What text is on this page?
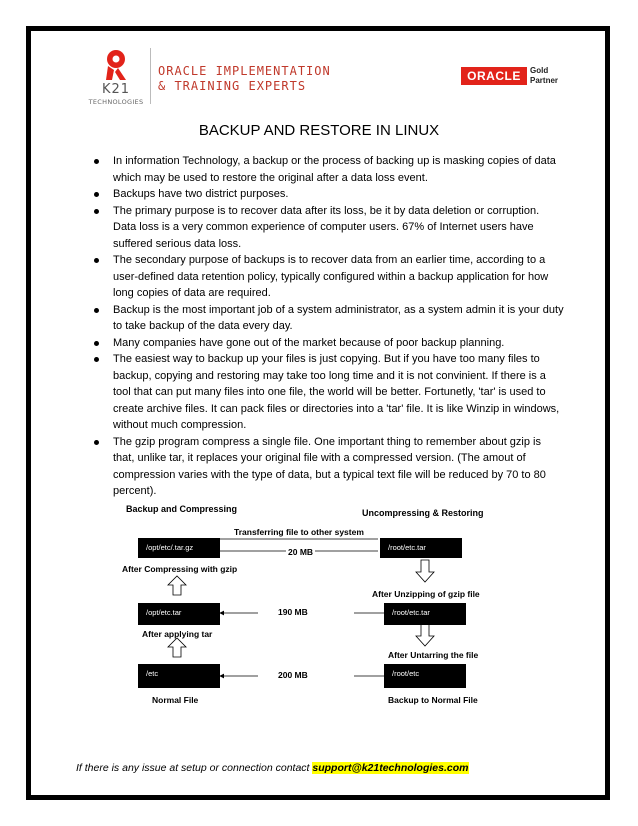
K21
TECHNOLOGIES
ORACLE IMPLEMENTATION
& TRAINING EXPERTS
ORACLE	Gold
Partner
BACKUP AND RESTORE IN LINUX
In information Technology, a backup or the process of backing up is masking copies of data which may be used to restore the original after a data loss event.
Backups have two district purposes.
The primary purpose is to recover data after its loss, be it by data deletion or corruption. Data loss is a very common experience of computer users. 67% of Internet users have suffered serious data loss.
The secondary purpose of backups is to recover data from an earlier time, according to a user-defined data retention policy, typically configured within a backup application for how long copies of data are required.
Backup is the most important job of a system administrator, as a system admin it is your duty to take backup of the data every day.
Many companies have gone out of the market because of poor backup planning.
The easiest way to backup up your files is just copying. But if you have too many files to backup, copying and restoring may take too long time and it is not convinient. If there is a tool that can put many files into one file, the world will be better. Fortunetly, 'tar' is used to create archive files. It can pack files or directories into a 'tar' file. It is like Winzip in windows, without much compression.
The gzip program compress a single file. One important thing to remember about gzip is that, unlike tar, it replaces your original file with a compressed version. (The amout of compression varies with the type of data, but a typical text file will be reduced by 70 to 80 percent).
Backup and Compressing	Uncompressing & Restoring
Transferring file to other system
/opt/etc/.tar.gz	/root/etc.tar
20 MB
After Compressing with gzip
After Unzipping of gzip file
/opt/etc.tar	/root/etc.tar
190 MB
After applying tar
After Untarring the file
/etc	/root/etc
200 MB
Normal File	Backup to Normal File
If there is any issue at setup or connection contact support@k21technologies.com
